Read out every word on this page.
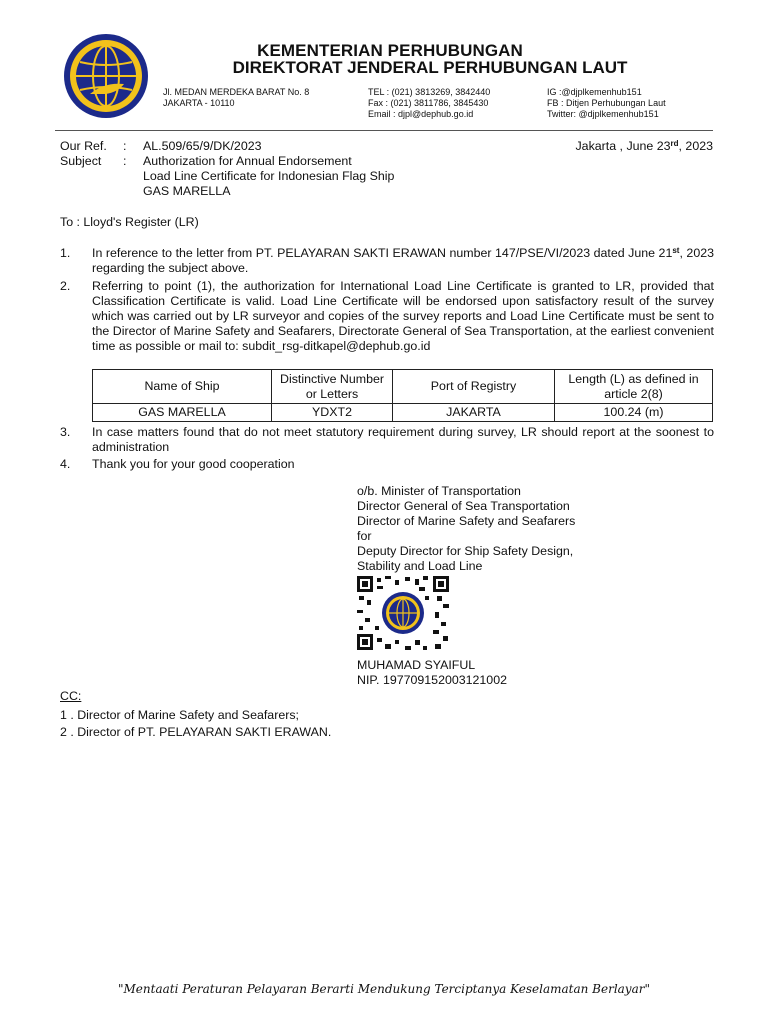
KEMENTERIAN PERHUBUNGAN
DIREKTORAT JENDERAL PERHUBUNGAN LAUT
Jl. MEDAN MERDEKA BARAT No. 8
JAKARTA - 10110
TEL : (021) 3813269, 3842440
Fax : (021) 3811786, 3845430
Email : djpl@dephub.go.id
IG :@djplkemenhub151
FB : Ditjen Perhubungan Laut
Twitter: @djplkemenhub151
Our Ref. : AL.509/65/9/DK/2023
Subject : Authorization for Annual Endorsement
Load Line Certificate for Indonesian Flag Ship
GAS MARELLA
Jakarta , June 23rd, 2023
To : Lloyd's Register (LR)
1. In reference to the letter from PT. PELAYARAN SAKTI ERAWAN number 147/PSE/VI/2023 dated June 21st, 2023 regarding the subject above.
2. Referring to point (1), the authorization for International Load Line Certificate is granted to LR, provided that Classification Certificate is valid. Load Line Certificate will be endorsed upon satisfactory result of the survey which was carried out by LR surveyor and copies of the survey reports and Load Line Certificate must be sent to the Director of Marine Safety and Seafarers, Directorate General of Sea Transportation, at the earliest convenient time as possible or mail to: subdit_rsg-ditkapel@dephub.go.id
Name of Ship	Distinctive Number or Letters	Port of Registry	Length (L) as defined in article 2(8)
GAS MARELLA	YDXT2	JAKARTA	100.24 (m)
3. In case matters found that do not meet statutory requirement during survey, LR should report at the soonest to administration
4. Thank you for your good cooperation
o/b. Minister of Transportation
Director General of Sea Transportation
Director of Marine Safety and Seafarers
for
Deputy Director for Ship Safety Design,
Stability and Load Line
MUHAMAD SYAIFUL
NIP. 197709152003121002
CC:
1 . Director of Marine Safety and Seafarers;
2 . Director of PT. PELAYARAN SAKTI ERAWAN.
"Mentaati Peraturan Pelayaran Berarti Mendukung Terciptanya Keselamatan Berlayar"
